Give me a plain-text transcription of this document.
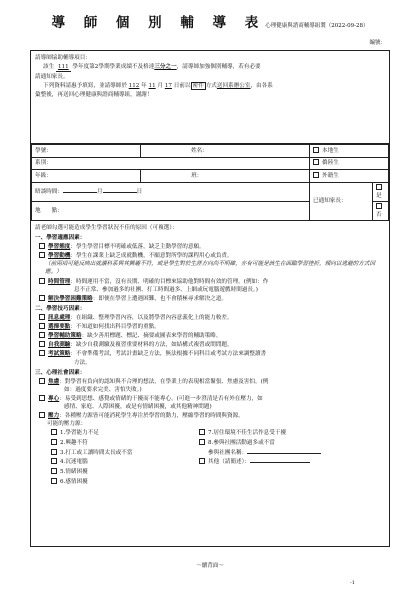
導 師 個 別 輔 導 表心理健康與諮商輔導組製（2022-09-28）
編號：

請導師協助輔導項目：

該生 111 學年度第2學期學業成績不及格達三分之一，請導師加強個別輔導，若有必要

請通知家長。

下列資料請惠予填寫，並請導師於 112 年 11 月 17 日前以 密件 方式送回系辦公室，由各系

彙整後，再送回心理健康與諮商輔導組，謝謝！

學號：	姓名：	本地生
系別：		僑陸生
年級：	班：	外籍生
晤談時間： 月 日		已通知家長：
是
否

地　　點：		

請老師勾選可能造成學生學習狀況不佳的原因（可複選）：

一、學習適應因素：

學習態度：學生學習目標不明確或低落，缺乏主動學習的意願。
學習動機：學生在課業上缺乏成就動機，不願意對所學的課程用心或負責。

（前兩項可能反映出就讀科系與其興趣不符，或是學生對於生涯方向尚不明確，亦有可能是該生在面臨學習挫折，傾向以逃避的方式因應。）

時間管理：時間運用不當，沒有長期、明確的目標來協助他對時間有效的管理。(例如：作
息不正常、參加過多的社團、打工時間過多、上網或玩電腦遊戲時間過長。)
解決學習困難策略：即便在學習上遭遇困難，也不會積極尋求解決之道。

二、學習技巧因素：

訊息處理：在組織、整理學習內容，以及將學習內容意義化上的能力較差。
選擇要點：不知道如何找出科目學習的重點。
學習輔助策略：缺少善用標題、標記、摘要或圖表來學習的輔助策略。
自我測驗：缺少自我測驗及複習重要材料的方法，如結構式複習或問問題。
考試策略：不會準備考試，考試計畫缺乏方法，無法根據不同科目或考試方法來調整讀書
方法。

三、心理社會因素：

焦慮：對學習有負向的認知與不合理的想法，在學業上的表現相當緊張、焦慮及害怕。(例
如：過度要求完美、害怕失敗。)
專心：易受到思想、感覺或情緒的干擾而不能專心。(可進一步澄清是否有外在壓力，如
感情、家庭、人際困擾，或是有情緒困擾，或其他精神問題)
壓力：各種壓力源皆可能消耗學生專注於學習的動力，壓縮學習的時間與資源。

可能的壓力源：

1.學習能力不足	7.居住環境不佳生活作息受干擾
2.興趣不符	8.參與社團活動過多或不當
3.打工或工讀時間太長或不當	參與社團名稱：
4.沉迷電腦	其他（請簡述）：
5.情緒困擾
6.感情困擾
～續背面～
-1
